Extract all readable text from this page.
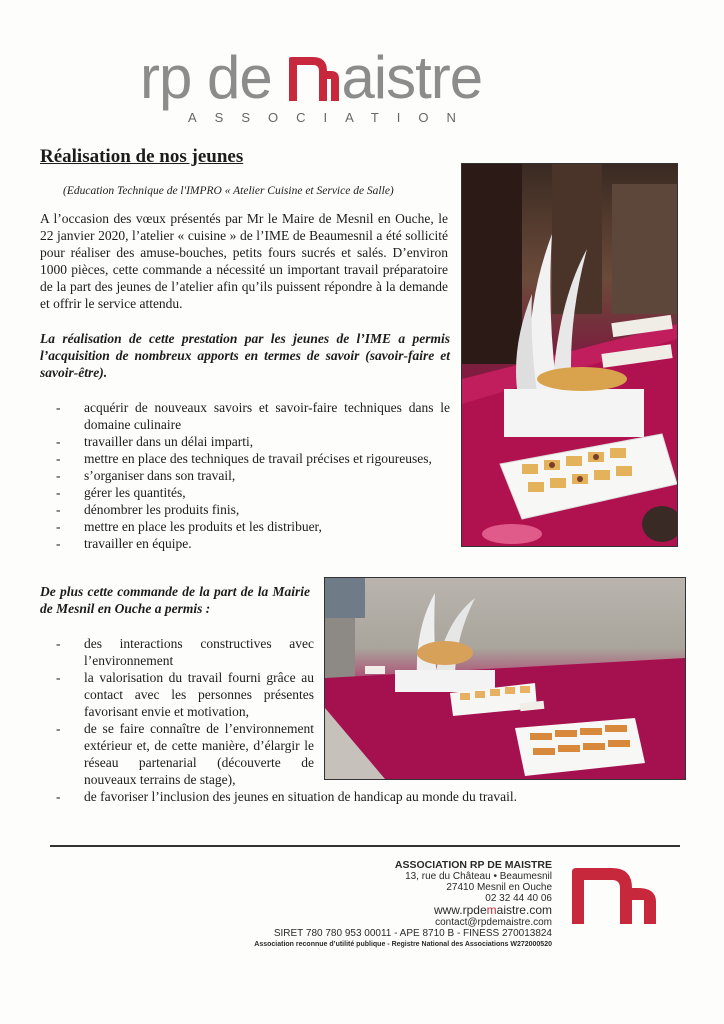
rp de aistre
ASSOCIATION
Réalisation de nos jeunes
(Education Technique de l'IMPRO « Atelier Cuisine et Service de Salle)
A l’occasion des vœux présentés par Mr le Maire de Mesnil en Ouche, le 22 janvier 2020, l’atelier « cuisine » de l’IME de Beaumesnil a été sollicité pour réaliser des amuse-bouches, petits fours sucrés et salés. D’environ 1000 pièces, cette commande a nécessité un important travail préparatoire de la part des jeunes de l’atelier afin qu’ils puissent répondre à la demande et offrir le service attendu.
La réalisation de cette prestation par les jeunes de l’IME a permis l’acquisition de nombreux apports en termes de savoir (savoir-faire et savoir-être).
- acquérir de nouveaux savoirs et savoir-faire techniques dans le domaine culinaire
- travailler dans un délai imparti,
- mettre en place des techniques de travail précises et rigoureuses,
- s’organiser dans son travail,
- gérer les quantités,
- dénombrer les produits finis,
- mettre en place les produits et les distribuer,
- travailler en équipe.
De plus cette commande de la part de la Mairie de Mesnil en Ouche a permis :
- des interactions constructives avec l’environnement
- la valorisation du travail fourni grâce au contact avec les personnes présentes favorisant envie et motivation,
- de se faire connaître de l’environnement extérieur et, de cette manière, d’élargir le réseau partenarial (découverte de nouveaux terrains de stage),
- de favoriser l’inclusion des jeunes en situation de handicap au monde du travail.
ASSOCIATION RP DE MAISTRE
13, rue du Château • Beaumesnil
27410 Mesnil en Ouche
02 32 44 40 06
www.rpdemaistre.com
contact@rpdemaistre.com
SIRET 780 780 953 00011 - APE 8710 B - FINESS 270013824
Association reconnue d’utilité publique - Registre National des Associations W272000520
